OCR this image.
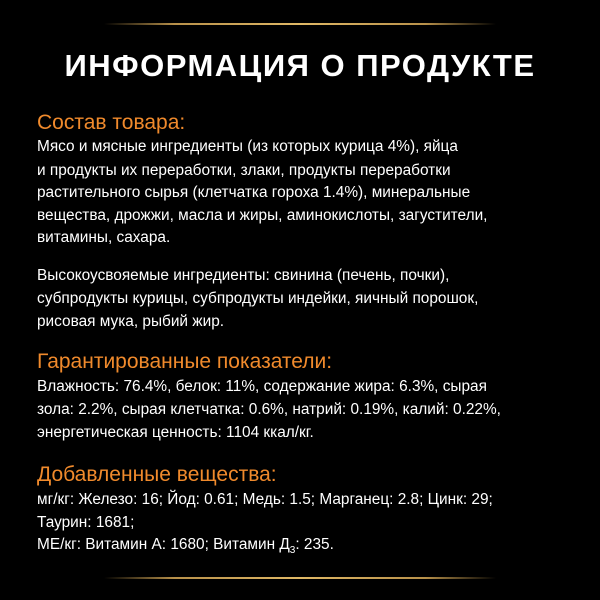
ИНФОРМАЦИЯ О ПРОДУКТЕ
Состав товара:
Мясо и мясные ингредиенты (из которых курица 4%), яйца
и продукты их переработки, злаки, продукты переработки
растительного сырья (клетчатка гороха 1.4%), минеральные
вещества, дрожжи, масла и жиры, аминокислоты, загустители,
витамины, сахара.
Высокоусвояемые ингредиенты: свинина (печень, почки),
субпродукты курицы, субпродукты индейки, яичный порошок,
рисовая мука, рыбий жир.
Гарантированные показатели:
Влажность: 76.4%, белок: 11%, содержание жира: 6.3%, сырая
зола: 2.2%, сырая клетчатка: 0.6%, натрий: 0.19%, калий: 0.22%,
энергетическая ценность: 1104 ккал/кг.
Добавленные вещества:
мг/кг: Железо: 16; Йод: 0.61; Медь: 1.5; Марганец: 2.8; Цинк: 29;
Таурин: 1681;
МЕ/кг: Витамин А: 1680; Витамин $Д_3$: 235.
